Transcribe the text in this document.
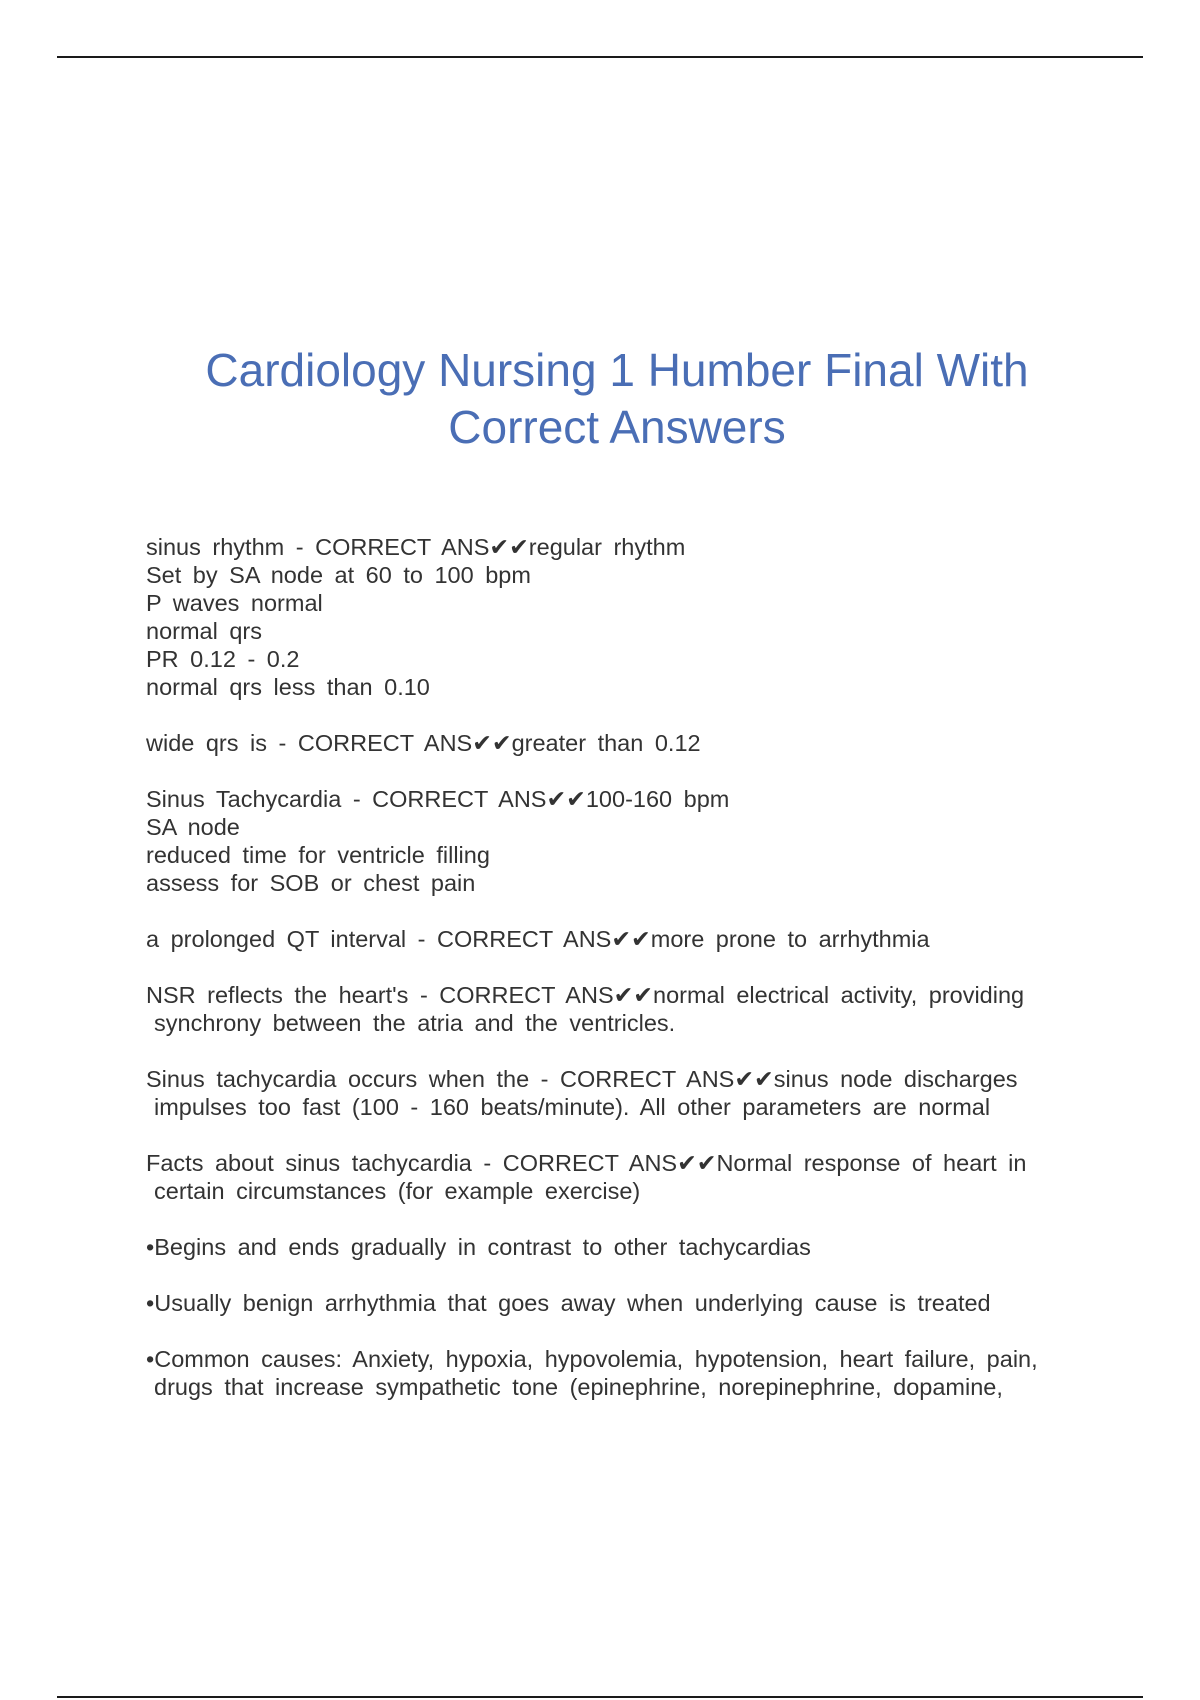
Cardiology Nursing 1 Humber Final With
Correct Answers

sinus rhythm - CORRECT ANS✔✔regular rhythm
Set by SA node at 60 to 100 bpm
P waves normal
normal qrs
PR 0.12 - 0.2
normal qrs less than 0.10

wide qrs is - CORRECT ANS✔✔greater than 0.12

Sinus Tachycardia - CORRECT ANS✔✔100-160 bpm
SA node
reduced time for ventricle filling
assess for SOB or chest pain

a prolonged QT interval - CORRECT ANS✔✔more prone to arrhythmia

NSR reflects the heart's - CORRECT ANS✔✔normal electrical activity, providing
synchrony between the atria and the ventricles.

Sinus tachycardia occurs when the - CORRECT ANS✔✔sinus node discharges
impulses too fast (100 - 160 beats/minute). All other parameters are normal

Facts about sinus tachycardia - CORRECT ANS✔✔Normal response of heart in
certain circumstances (for example exercise)

•Begins and ends gradually in contrast to other tachycardias

•Usually benign arrhythmia that goes away when underlying cause is treated

•Common causes: Anxiety, hypoxia, hypovolemia, hypotension, heart failure, pain,
drugs that increase sympathetic tone (epinephrine, norepinephrine, dopamine,
